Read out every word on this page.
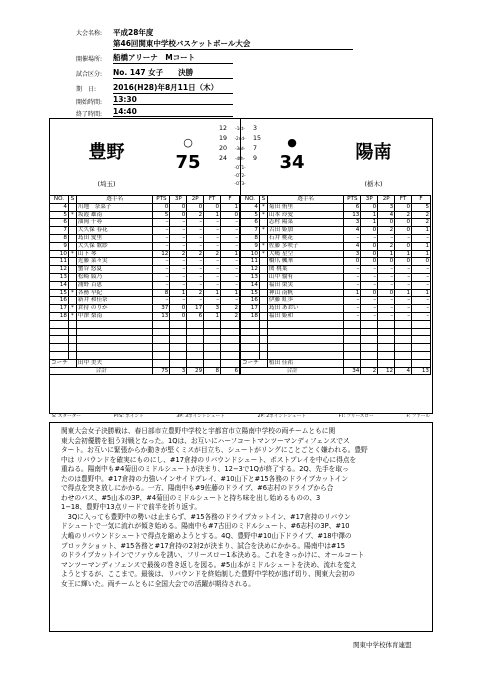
大会名称: 平成28年度
第46回関東中学校バスケットボール大会
開催場所: 船橋アリーナ　Mコート
試合区分: No. 147 女子　　決勝
期　日: 2016(H28)年8月11日（木）
開始時間: 13:30
終了時間: 14:40
豊野
(埼玉)
○
75
12	-1st-	3
19	-2nd-	15
20	-3rd-	7
24	-4th-	9
-OT1-
-OT2-
-OT3-
●
34	陽南
(栃木)
NO.	S	選手名	PTS	3P	2P	FT	F
4		川地　奈菜子	0	0	0	0	1
5	*	坂霞 雄南	5	0	2	1	0
6		油岡 千尋	–	–	–	–	–
7		大久保 春花	–	–	–	–	–
8		島田 愛里	–	–	–	–	–
9		大久保 歌紗	–	–	–	–	–
10	*	山下 琴	12	2	2	2	1
11		近藤 菜々実	–	–	–	–	–
12		蟹谷 悠夏	–	–	–	–	–
13		松崎 綾乃	–	–	–	–	–
14		浦野 百恵	–	–	–	–	–
15	*	各務 早紀	8	1	2	1	1
16		新井 和佳奈	–	–	–	–	–
17	*	倉持 のりか	37	0	17	3	2
18	*	中澤 梨南	13	0	6	1	2

コーチ		田中 美夫					
合計			75	3	29	8	6
NO.	S	選手名	PTS	3P	2P	FT	F
4	*	菊田 侑里	6	0	3	0	5
5	*	山本 玲愛	13	1	4	2	2
6		志村 陽菜	3	1	0	0	2
7	*	古田 姫加	4	0	2	0	1
8		石井 桃花	–	–	–	–	–
9	*	佐藤 多咲子	4	0	2	0	1
10	*	大嶋 星空	3	0	1	1	1
11		橋爪 楓華	0	0	0	0	0
12		関 桃葉	–	–	–	–	–
13		山中 愉有	–	–	–	–	–
14		福田 榮実	–	–	–	–	–
15		神山 南帆	1	0	0	1	1
16		伊藤 虹歩	–	–	–	–	–
17		島田 あおい	–	–	–	–	–
18		福田 姫和	–	–	–	–	–

コーチ		植田 佳祐					
合計			34	2	12	4	13
S: スターター	PTS: ポイント	3P: 3ポイントシュート	2P: 2ポイントシュート	FT: フリースロー	F: ファール
関東大会女子決勝戦は、春日部市立豊野中学校と宇都宮市立陽南中学校の両チームともに関
東大会初優勝を狙う対戦となった。1Qは、お互いにハーフコートマンツーマンディフェンスでス
タート。お互いに緊張からか動きが堅くミスが目立ち、シュートがリングにことごとく嫌われる。豊野
中は リバウンドを確実にものにし、#17倉持のリバウンドシュート、ポストプレイを中心に得点を
重ねる。陽南中も#4菊田のミドルシュートが決まり、12−3で1Qが終了する。2Q、先手を取っ
たのは豊野中。#17倉持の力強いインサイドプレイ、#10山下と#15各務のドライブカットイン
で得点を突き放しにかかる。一方、陽南中も#9佐藤のドライブ、#6志村のドライブから合
わせのパス、#5山本の3P、#4菊田のミドルシュートと持ち味を出し始めるものの、3
1−18、豊野中13点リードで前半を折り返す。
　3Qに入っても豊野中の勢いは止まらず、#15各務のドライブカットイン、#17倉持のリバウン
ドシュートで一気に流れが傾き始める。陽南中も#7古田のミドルシュート、#6志村の3P、#10
大嶋のリバウンドシュートで得点を縮めようとする。4Q、豊野中#10山下ドライブ、#18中澤の
ブロックショット、#15各務と#17倉持の2対2が決まり、試合を決めにかかる。陽南中は#15
のドライブカットインでファウルを誘い、フリースロー1本決める。これをきっかけに、オールコート
マンツーマンディフェンスで最後の巻き返しを図る。#5山本がミドルシュートを決め、流れを変え
ようとするが、ここまで。最後は、リバウンドを終始制した豊野中学校が逃げ切り、関東大会初の
女王に輝いた。両チームともに全国大会での活躍が期待される。
関東中学校体育連盟
